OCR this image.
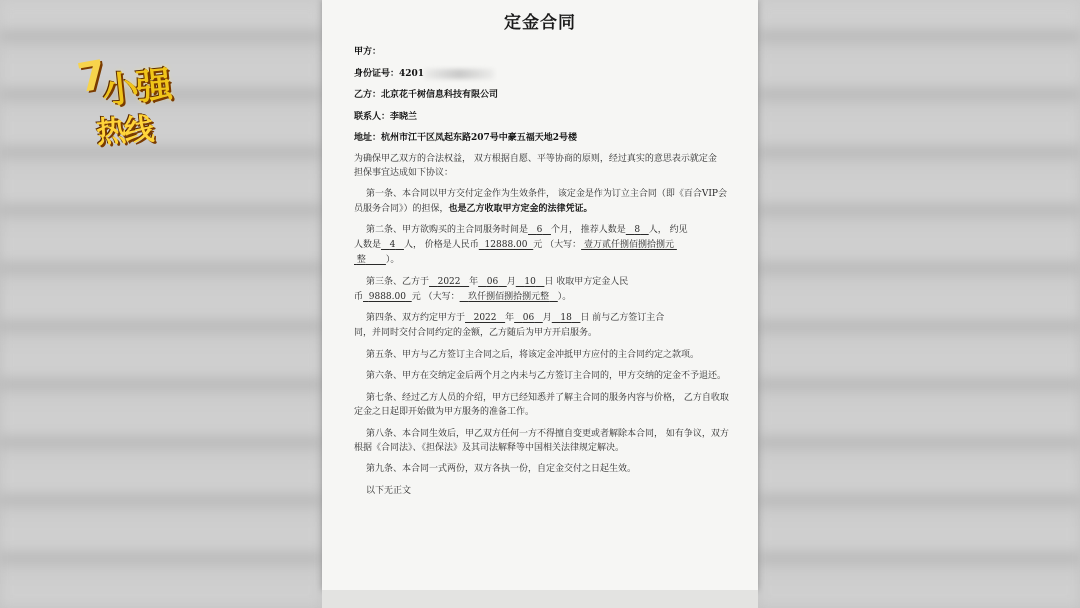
7
小强
热线
定金合同
甲方：
身份证号：4201
乙方：北京花千树信息科技有限公司
联系人：李晓兰
地址：杭州市江干区凤起东路207号中豪五福天地2号楼
为确保甲乙双方的合法权益， 双方根据自愿、平等协商的原则，经过真实的意思表示就定金
担保事宜达成如下协议：
第一条、本合同以甲方交付定金作为生效条件， 该定金是作为订立主合同（即《百合VIP会
员服务合同》）的担保，也是乙方收取甲方定金的法律凭证。
第二条、甲方欲购买的主合同服务时间是 6 个月， 推荐人数是 8 人， 约见
人数是 4 人， 价格是人民币 12888.00 元 （大写： 壹万贰仟捌佰捌拾捌元
整 ）。
第三条、乙方于 2022 年 06 月 10 日 收取甲方定金人民
币 9888.00 元 （大写： 玖仟捌佰捌拾捌元整 ）。
第四条、双方约定甲方于 2022 年 06 月 18 日 前与乙方签订主合
同，并同时交付合同约定的金额，乙方随后为甲方开启服务。
第五条、甲方与乙方签订主合同之后，将该定金冲抵甲方应付的主合同约定之款项。
第六条、甲方在交纳定金后两个月之内未与乙方签订主合同的，甲方交纳的定金不予退还。
第七条、经过乙方人员的介绍，甲方已经知悉并了解主合同的服务内容与价格， 乙方自收取
定金之日起即开始做为甲方服务的准备工作。
第八条、本合同生效后，甲乙双方任何一方不得擅自变更或者解除本合同， 如有争议，双方
根据《合同法》、《担保法》及其司法解释等中国相关法律规定解决。
第九条、本合同一式两份，双方各执一份，自定金交付之日起生效。
以下无正文
